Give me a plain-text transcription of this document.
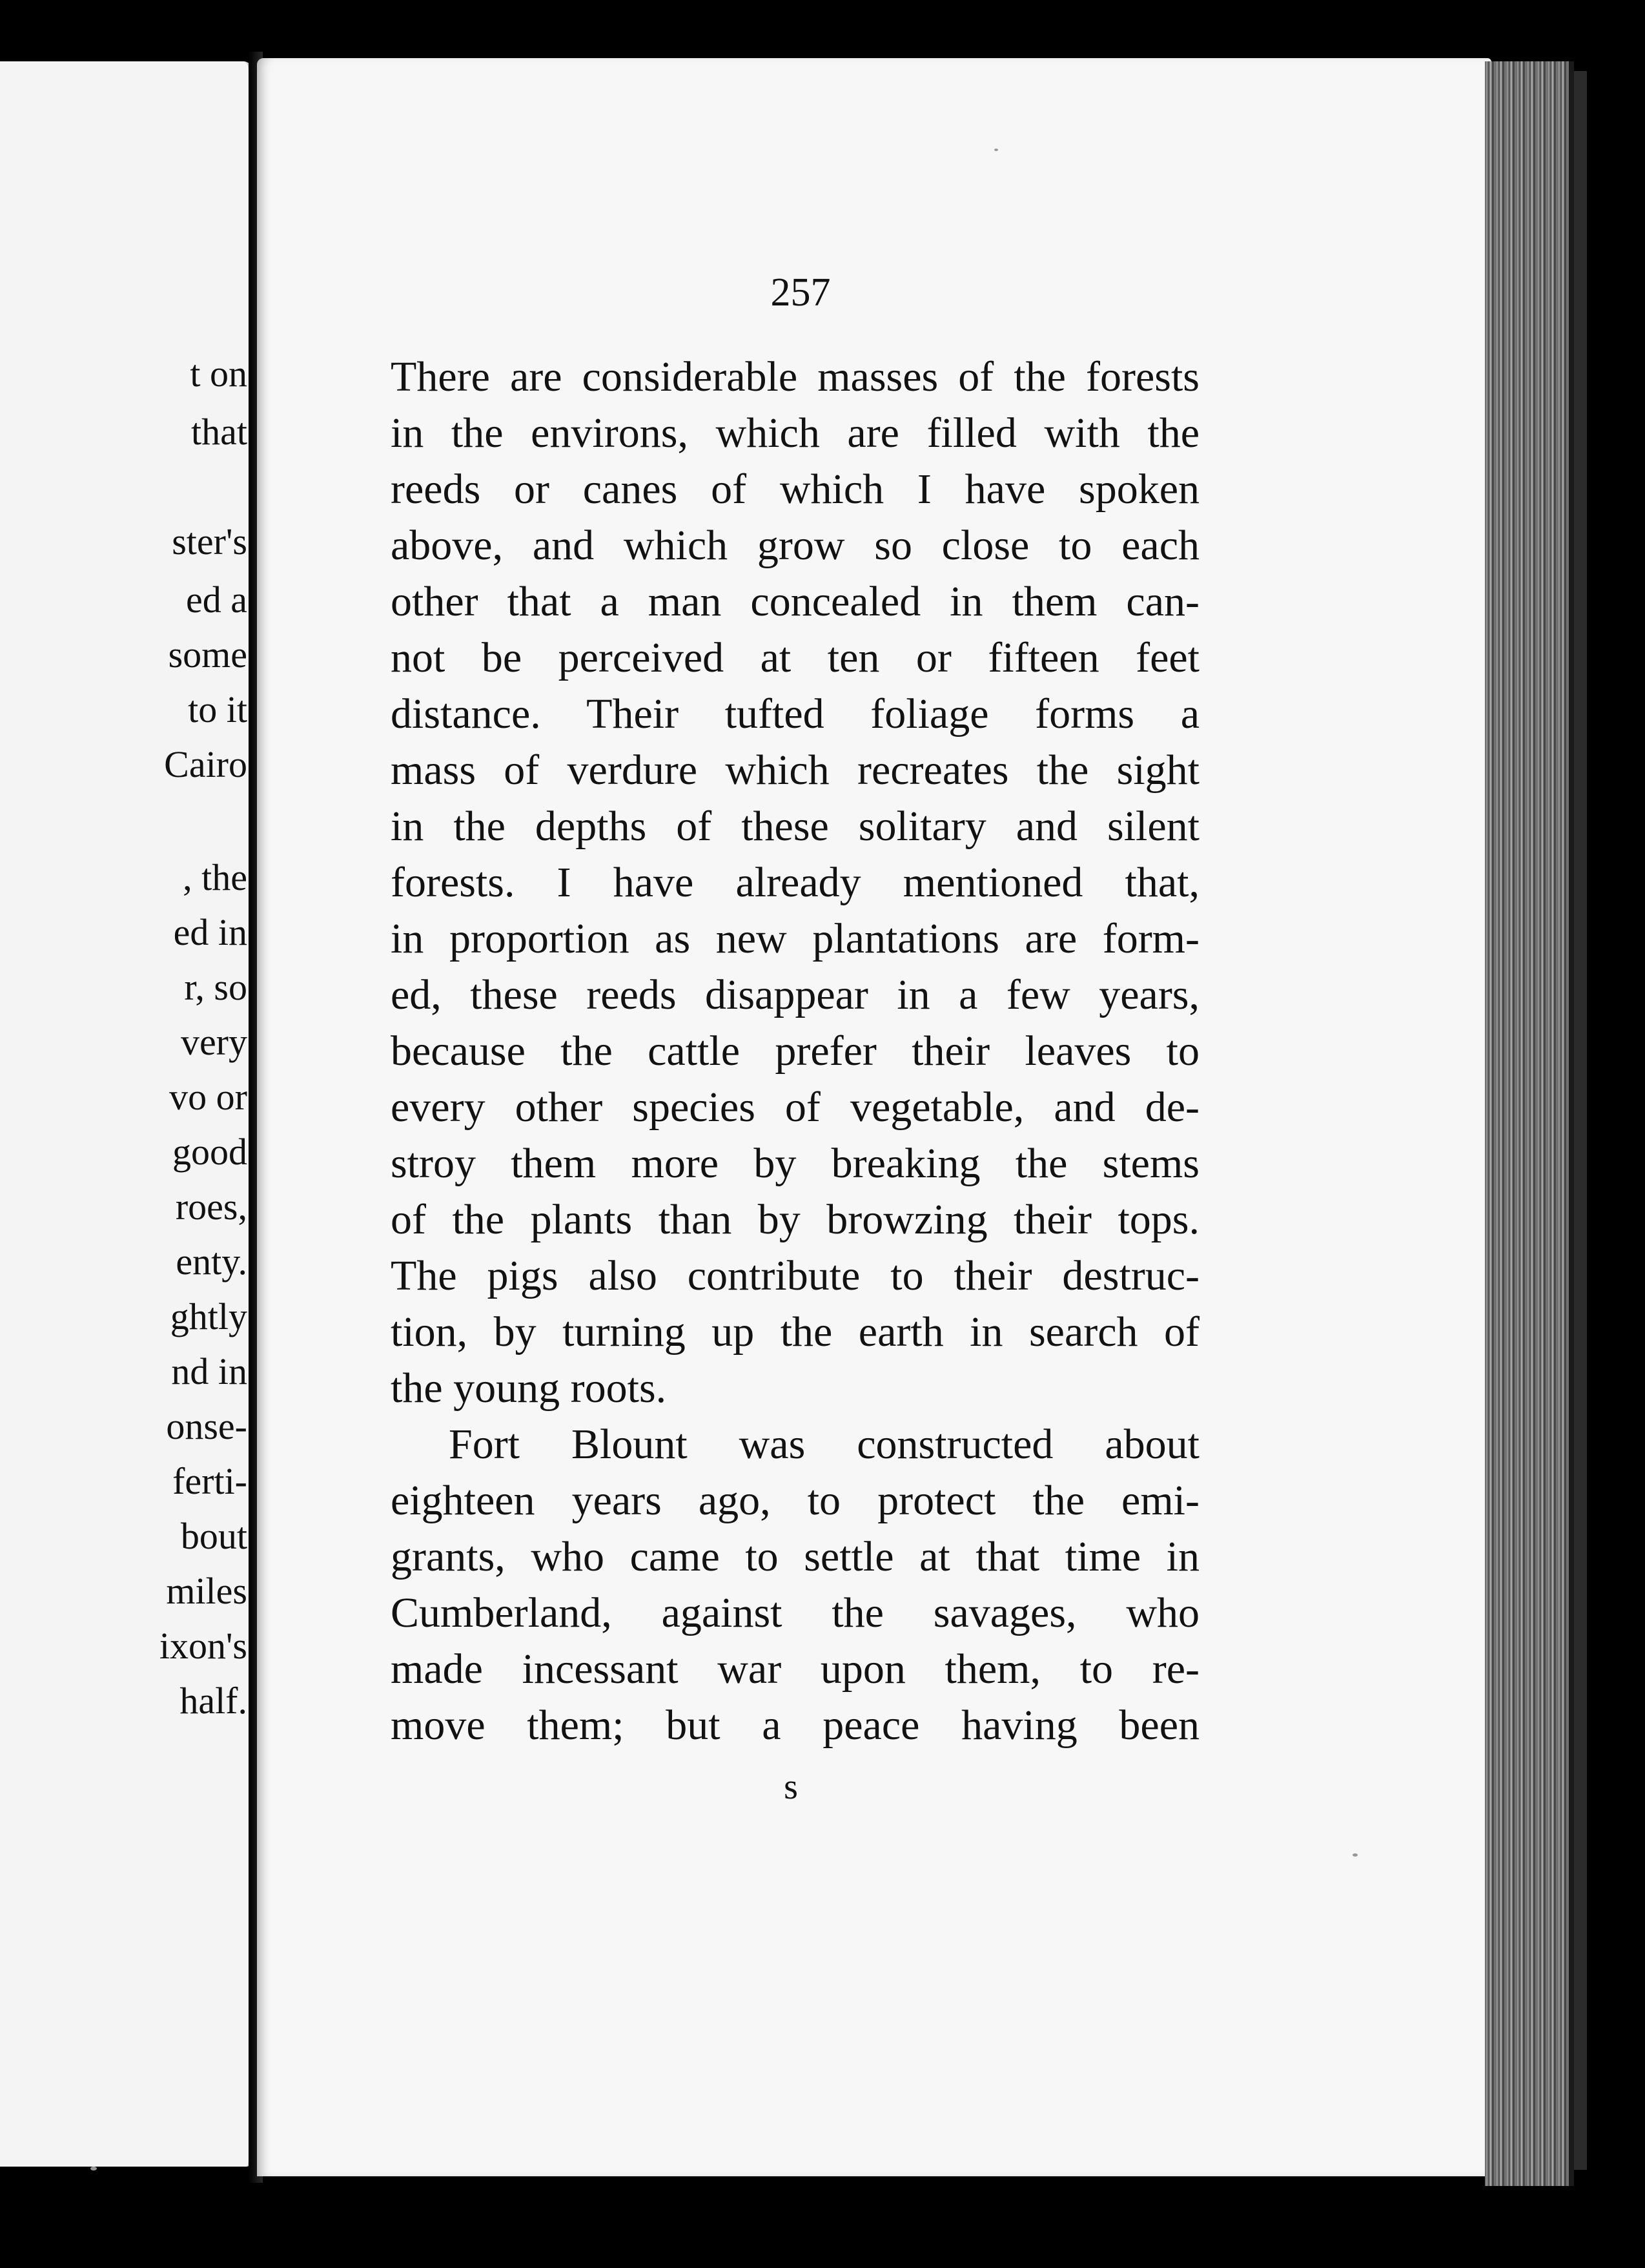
t on
that
ster's
ed a
some
to it
Cairo
, the
ed in
r, so
very
vo or
good
roes,
enty.
ghtly
nd in
onse-
ferti-
bout
miles
ixon's
half.
257
There are considerable masses of the forests
in the environs, which are filled with the
reeds or canes of which I have spoken
above, and which grow so close to each
other that a man concealed in them can-
not be perceived at ten or fifteen feet
distance. Their tufted foliage forms a
mass of verdure which recreates the sight
in the depths of these solitary and silent
forests. I have already mentioned that,
in proportion as new plantations are form-
ed, these reeds disappear in a few years,
because the cattle prefer their leaves to
every other species of vegetable, and de-
stroy them more by breaking the stems
of the plants than by browzing their tops.
The pigs also contribute to their destruc-
tion, by turning up the earth in search of
the young roots.
Fort Blount was constructed about
eighteen years ago, to protect the emi-
grants, who came to settle at that time in
Cumberland, against the savages, who
made incessant war upon them, to re-
move them; but a peace having been
s
